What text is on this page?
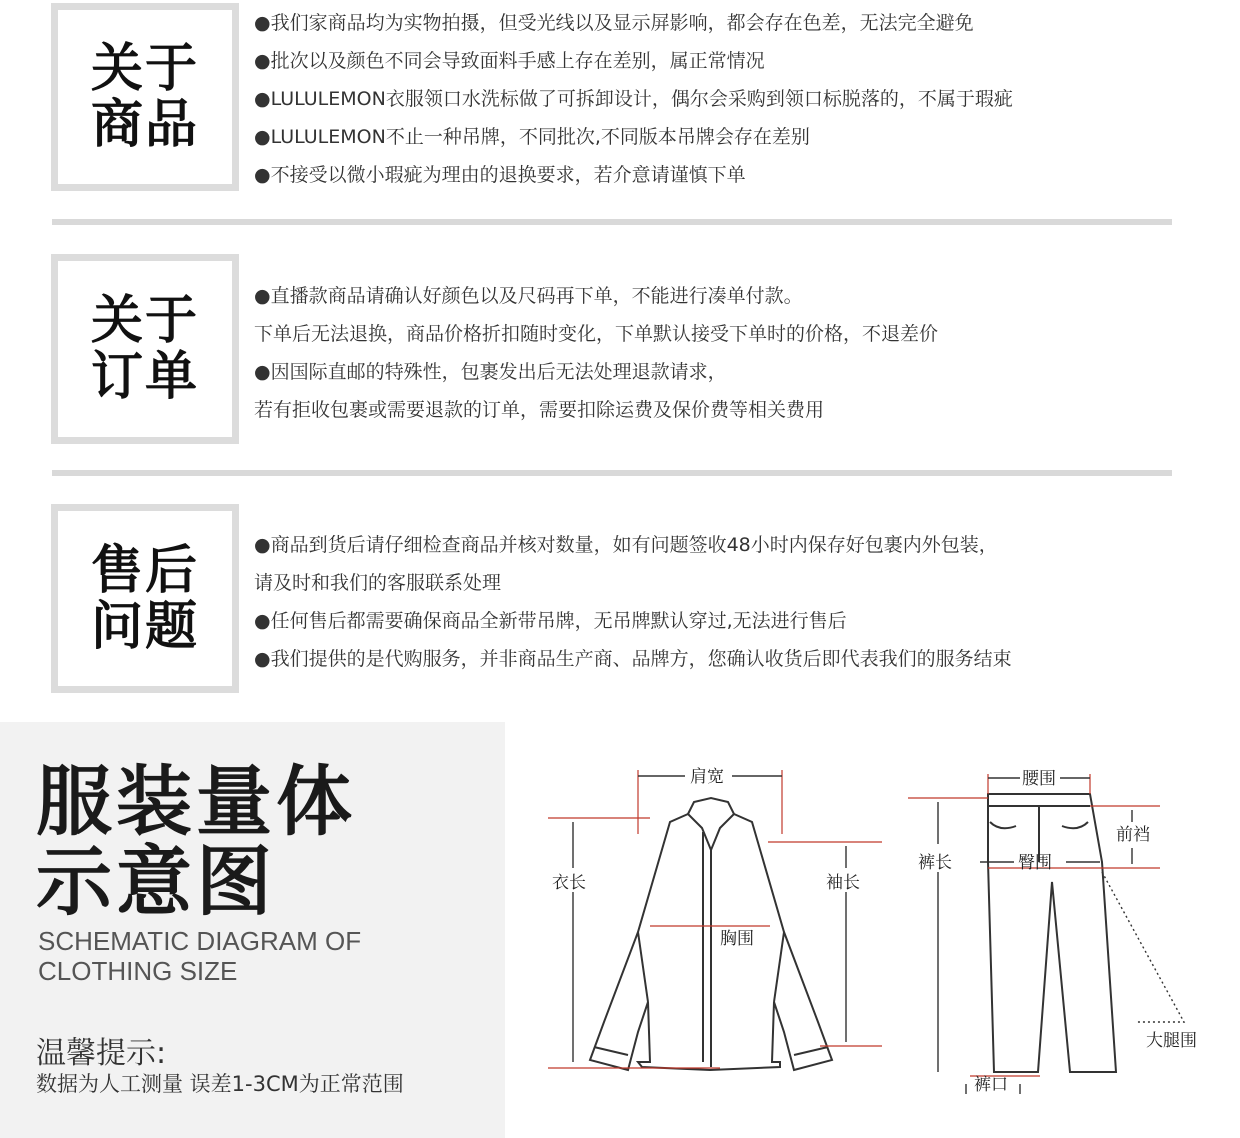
关于
商品
●我们家商品均为实物拍摄，但受光线以及显示屏影响，都会存在色差，无法完全避免
●批次以及颜色不同会导致面料手感上存在差别，属正常情况
●LULULEMON衣服领口水洗标做了可拆卸设计，偶尔会采购到领口标脱落的，不属于瑕疵
●LULULEMON不止一种吊牌，不同批次,不同版本吊牌会存在差别
●不接受以微小瑕疵为理由的退换要求，若介意请谨慎下单
关于
订单
●直播款商品请确认好颜色以及尺码再下单，不能进行凑单付款。
下单后无法退换，商品价格折扣随时变化，下单默认接受下单时的价格，不退差价
●因国际直邮的特殊性，包裹发出后无法处理退款请求，
若有拒收包裹或需要退款的订单，需要扣除运费及保价费等相关费用
售后
问题
●商品到货后请仔细检查商品并核对数量，如有问题签收48小时内保存好包裹内外包装，
请及时和我们的客服联系处理
●任何售后都需要确保商品全新带吊牌，无吊牌默认穿过,无法进行售后
●我们提供的是代购服务，并非商品生产商、品牌方，您确认收货后即代表我们的服务结束
服装量体
示意图
SCHEMATIC DIAGRAM OF
CLOTHING SIZE
温馨提示:
数据为人工测量 误差1-3CM为正常范围
肩宽
衣长	袖长
胸围
腰围
前裆
裤长	臀围
大腿围
裤口
